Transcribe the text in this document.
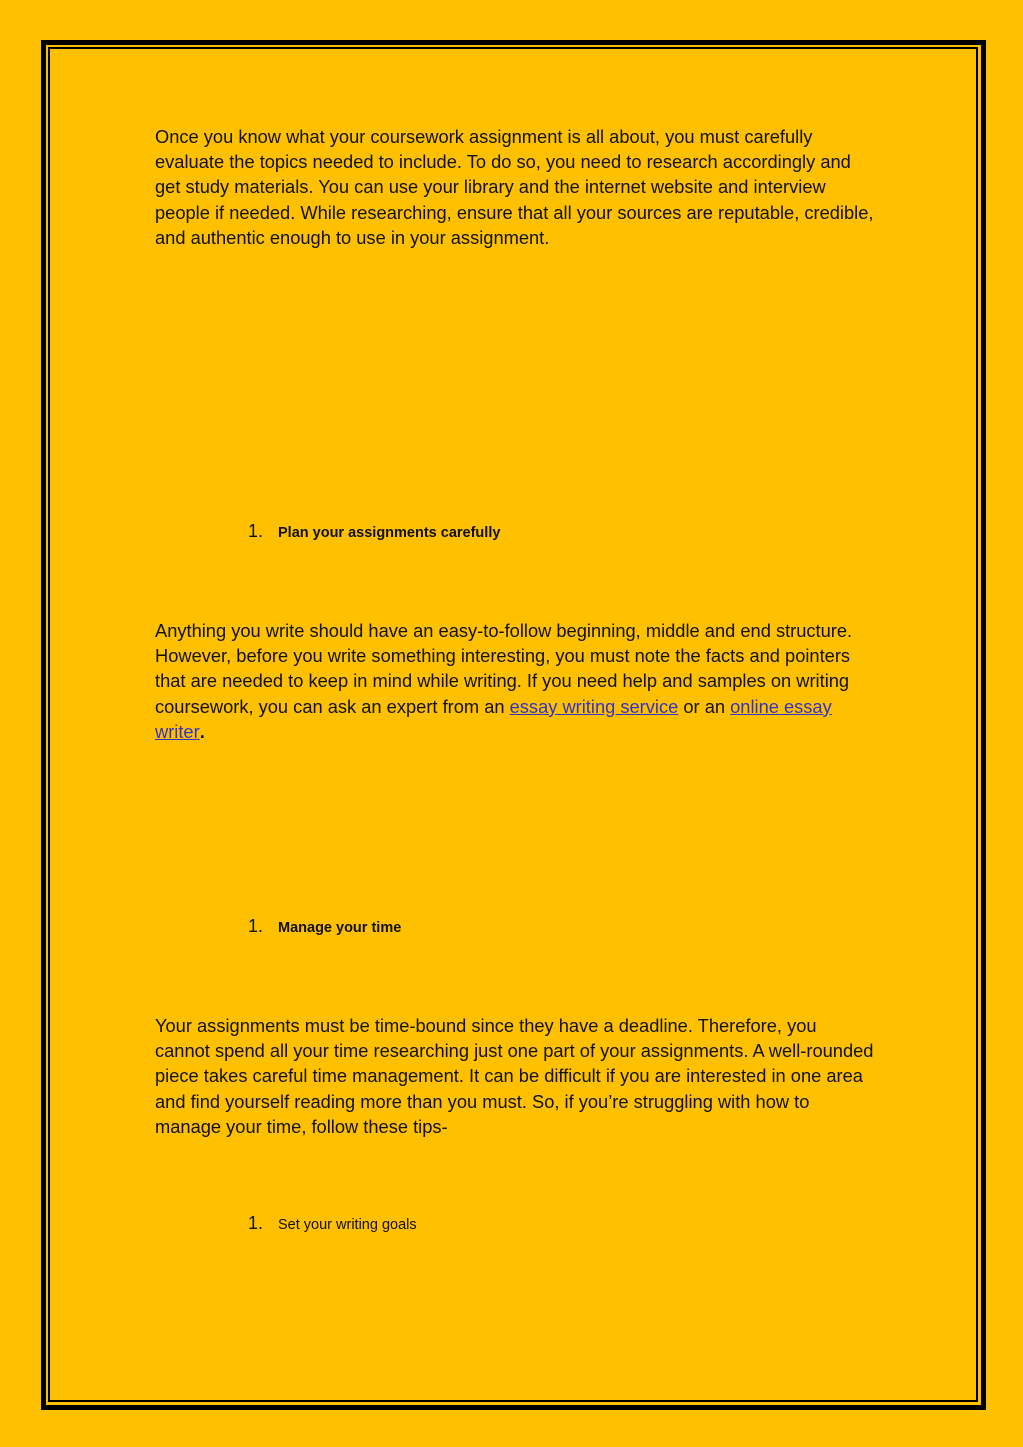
Once you know what your coursework assignment is all about, you must carefully evaluate the topics needed to include. To do so, you need to research accordingly and get study materials. You can use your library and the internet website and interview people if needed. While researching, ensure that all your sources are reputable, credible, and authentic enough to use in your assignment.

1. Plan your assignments carefully

Anything you write should have an easy-to-follow beginning, middle and end structure. However, before you write something interesting, you must note the facts and pointers that are needed to keep in mind while writing. If you need help and samples on writing coursework, you can ask an expert from an essay writing service or an online essay writer.

1. Manage your time

Your assignments must be time-bound since they have a deadline. Therefore, you cannot spend all your time researching just one part of your assignments. A well-rounded piece takes careful time management. It can be difficult if you are interested in one area and find yourself reading more than you must. So, if you’re struggling with how to manage your time, follow these tips-

1. Set your writing goals
